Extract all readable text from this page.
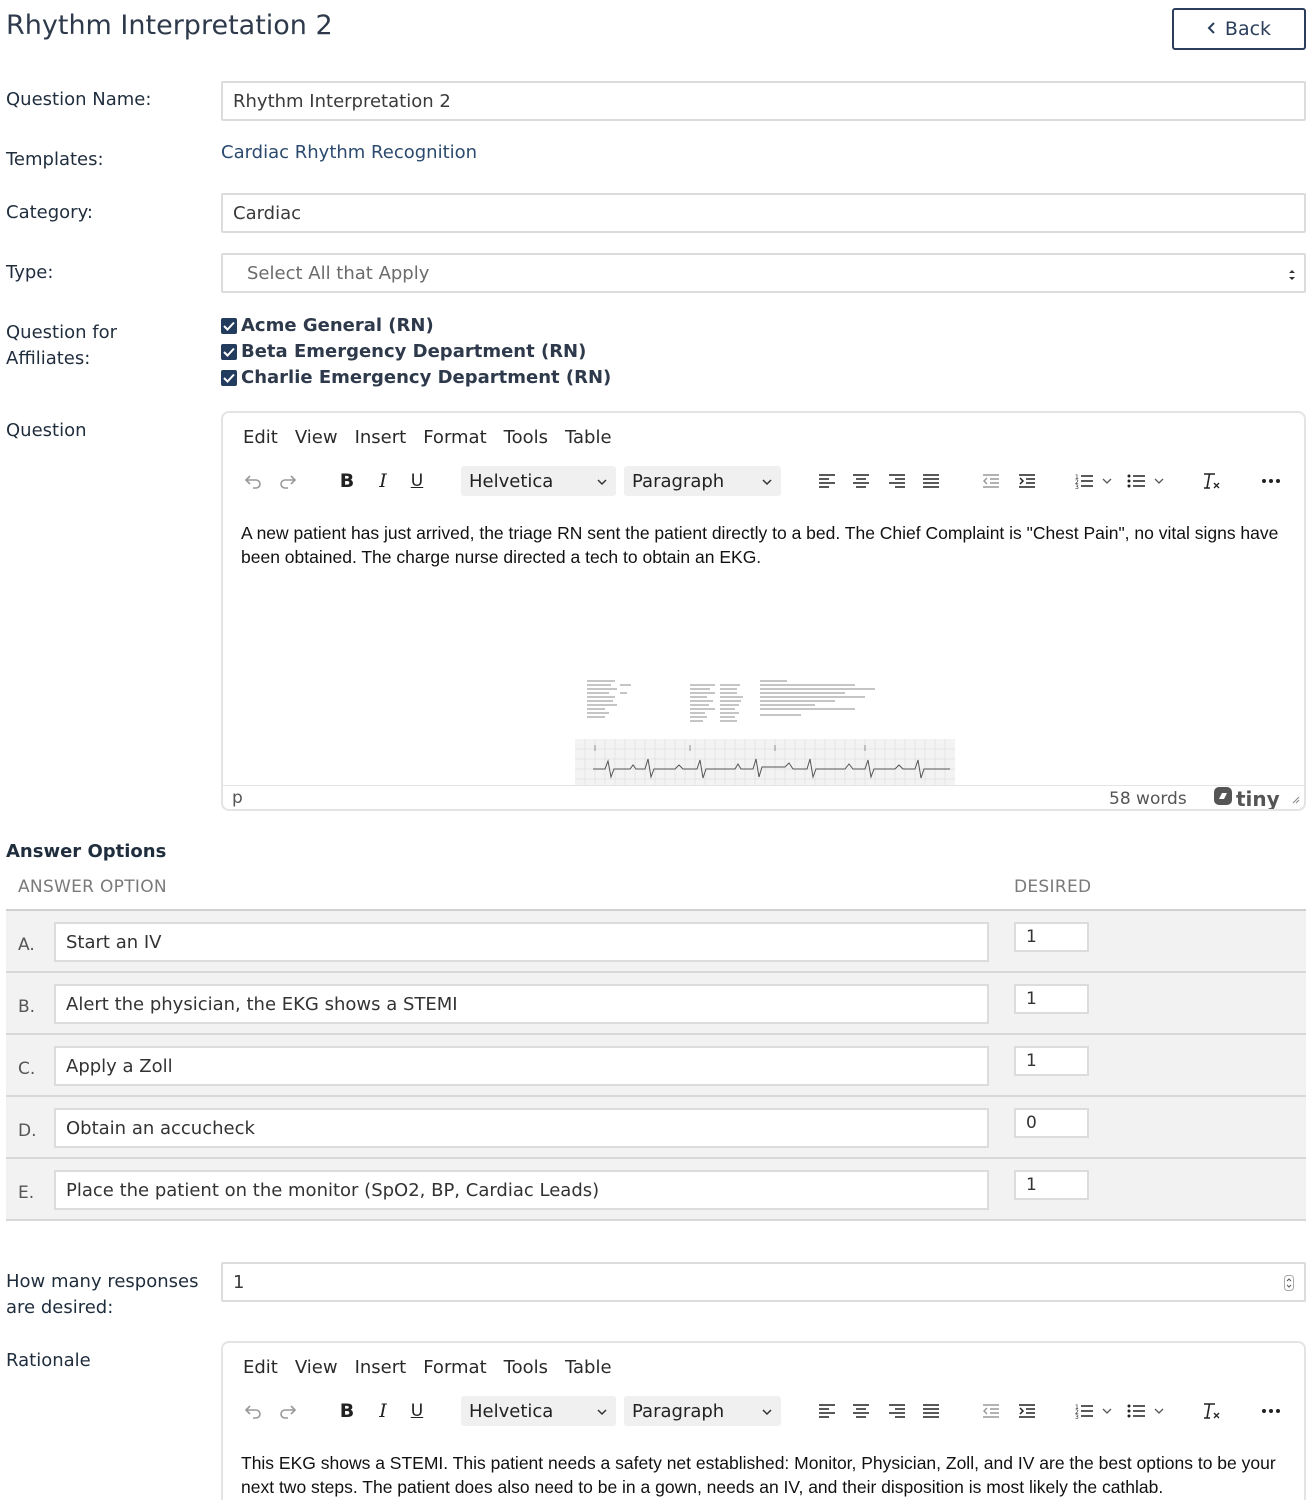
Rhythm Interpretation 2	Back
Question Name:	Rhythm Interpretation 2
Templates:	Cardiac Rhythm Recognition
Category:	Cardiac
Type:	Select All that Apply
Question for
Affiliates:
Acme General (RN)
Beta Emergency Department (RN)
Charlie Emergency Department (RN)
Question	Edit View Insert Format Tools Table
B	I	U	Helvetica	Paragraph	1
2
3
A new patient has just arrived, the triage RN sent the patient directly to a bed. The Chief Complaint is "Chest Pain", no vital signs have been obtained. The charge nurse directed a tech to obtain an EKG.
p	58 words tiny
Answer Options
ANSWER OPTION	DESIRED
A.	Start an IV	1
B.	Alert the physician, the EKG shows a STEMI	1
C.	Apply a Zoll	1
D.	Obtain an accucheck	0
E.	Place the patient on the monitor (SpO2, BP, Cardiac Leads)	1
How many responses
are desired:
1
Rationale	Edit View Insert Format Tools Table
B	I	U	Helvetica	Paragraph	1
2
3
This EKG shows a STEMI. This patient needs a safety net established: Monitor, Physician, Zoll, and IV are the best options to be your next two steps. The patient does also need to be in a gown, needs an IV, and their disposition is most likely the cathlab.
